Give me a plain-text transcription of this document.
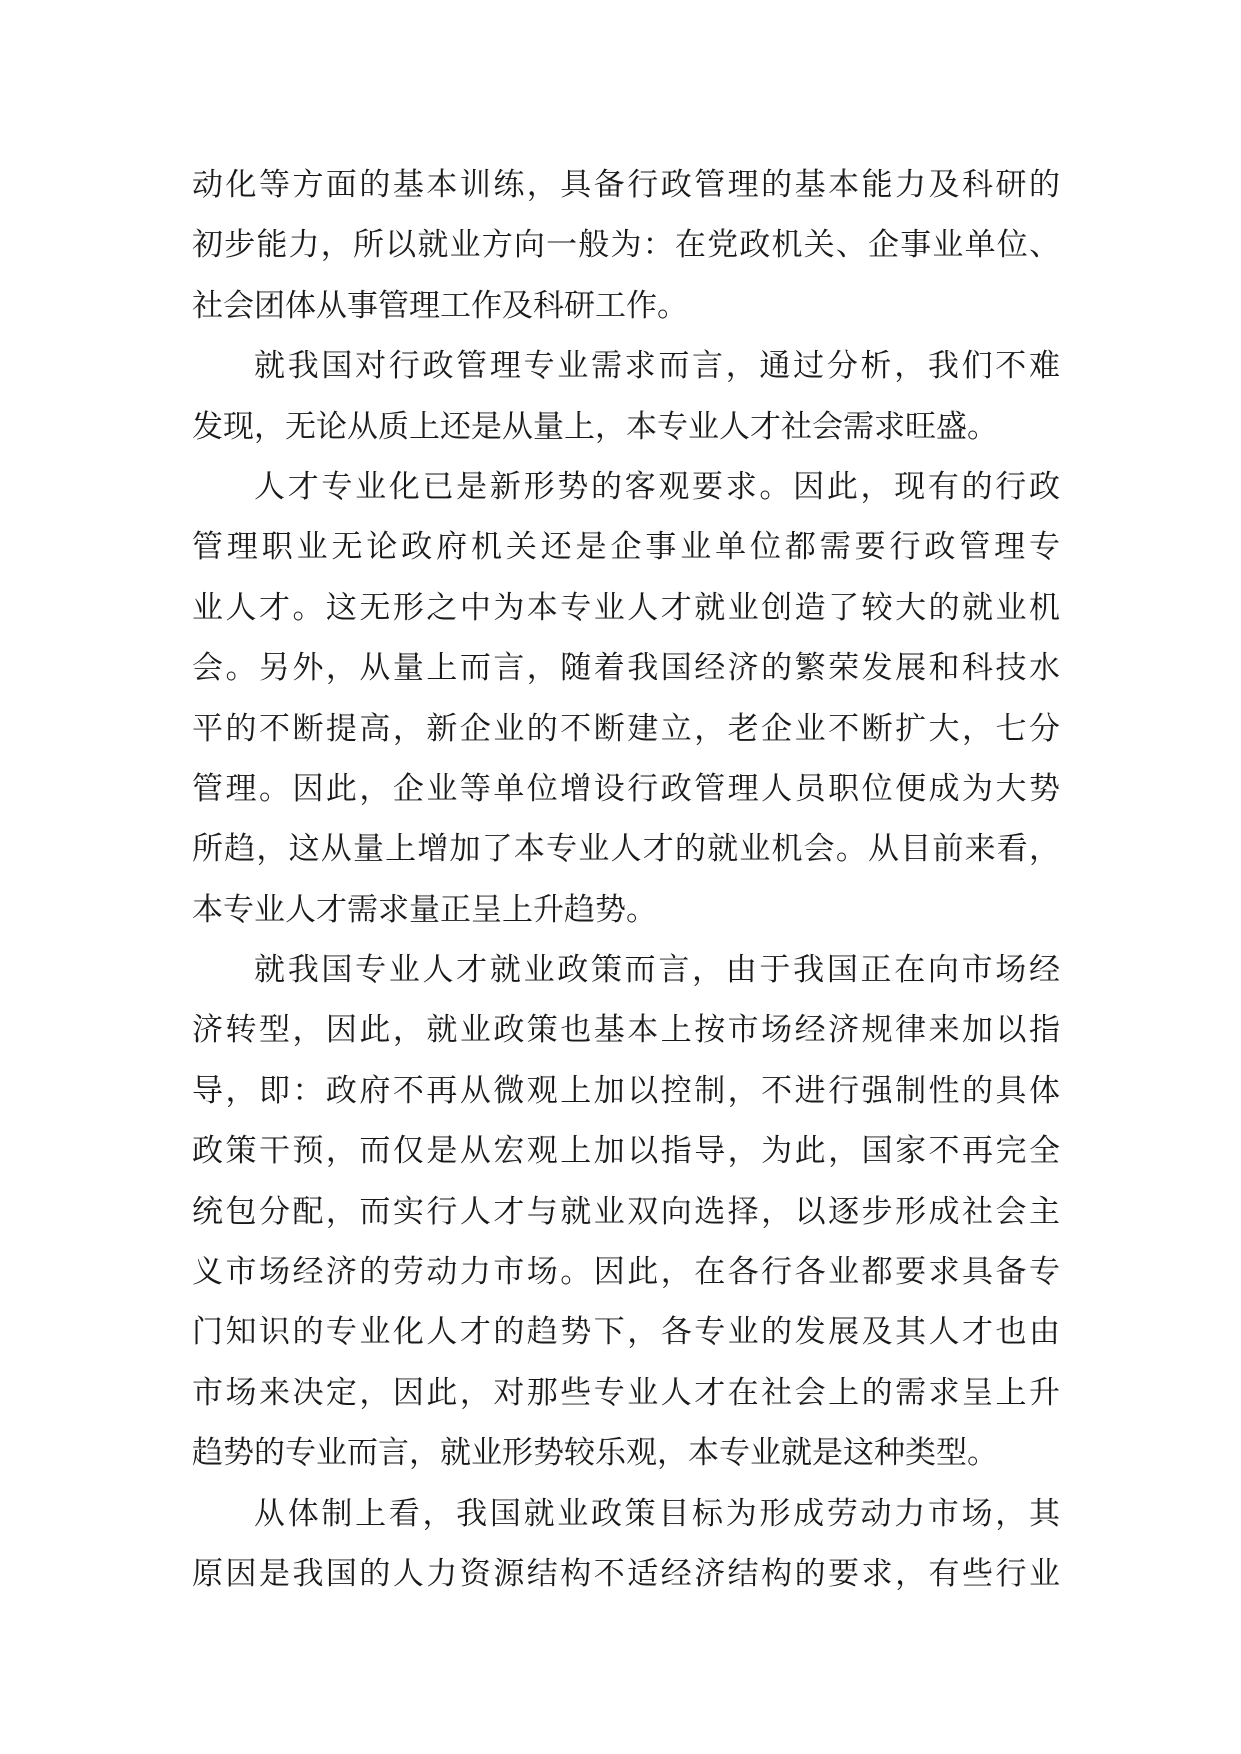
动化等方面的基本训练，具备行政管理的基本能力及科研的
初步能力，所以就业方向一般为：在党政机关、企事业单位、
社会团体从事管理工作及科研工作。
就我国对行政管理专业需求而言，通过分析，我们不难
发现，无论从质上还是从量上，本专业人才社会需求旺盛。
人才专业化已是新形势的客观要求。因此，现有的行政
管理职业无论政府机关还是企事业单位都需要行政管理专
业人才。这无形之中为本专业人才就业创造了较大的就业机
会。另外，从量上而言，随着我国经济的繁荣发展和科技水
平的不断提高，新企业的不断建立，老企业不断扩大，七分
管理。因此，企业等单位增设行政管理人员职位便成为大势
所趋，这从量上增加了本专业人才的就业机会。从目前来看，
本专业人才需求量正呈上升趋势。
就我国专业人才就业政策而言，由于我国正在向市场经
济转型，因此，就业政策也基本上按市场经济规律来加以指
导，即：政府不再从微观上加以控制，不进行强制性的具体
政策干预，而仅是从宏观上加以指导，为此，国家不再完全
统包分配，而实行人才与就业双向选择，以逐步形成社会主
义市场经济的劳动力市场。因此，在各行各业都要求具备专
门知识的专业化人才的趋势下，各专业的发展及其人才也由
市场来决定，因此，对那些专业人才在社会上的需求呈上升
趋势的专业而言，就业形势较乐观，本专业就是这种类型。
从体制上看，我国就业政策目标为形成劳动力市场，其
原因是我国的人力资源结构不适经济结构的要求，有些行业
